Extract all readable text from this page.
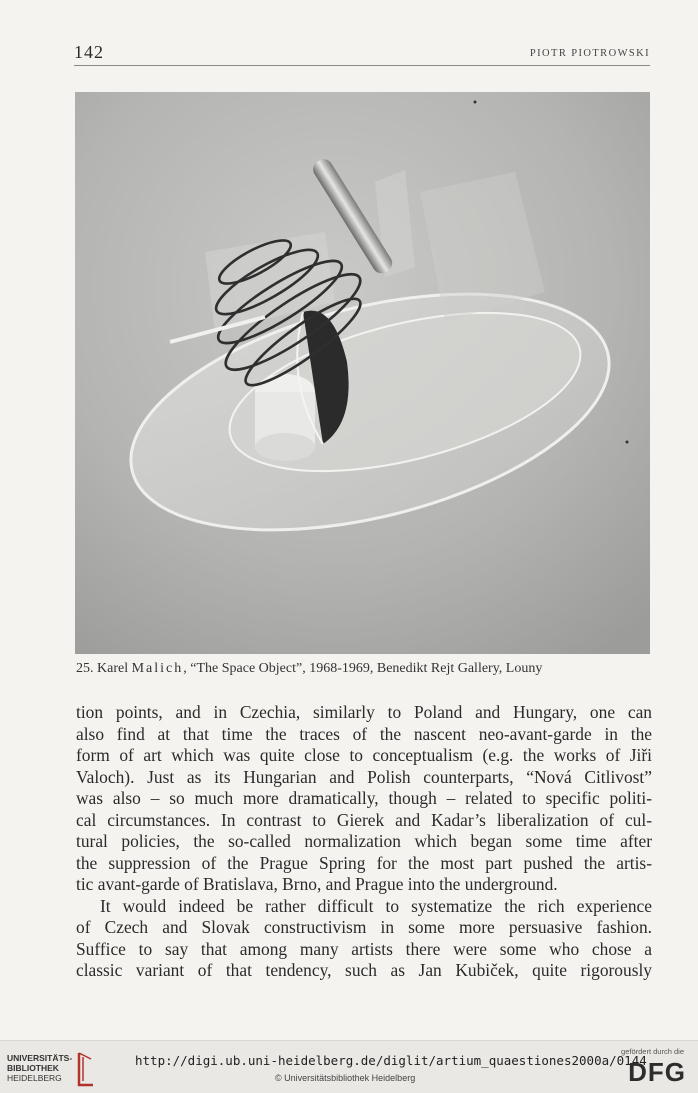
142	PIOTR PIOTROWSKI
25. Karel Malich, “The Space Object”, 1968-1969, Benedikt Rejt Gallery, Louny

tion points, and in Czechia, similarly to Poland and Hungary, one can
also find at that time the traces of the nascent neo-avant-garde in the
form of art which was quite close to conceptualism (e.g. the works of Jiři
Valoch). Just as its Hungarian and Polish counterparts, “Nová Citlivost”
was also – so much more dramatically, though – related to specific politi-
cal circumstances. In contrast to Gierek and Kadar’s liberalization of cul-
tural policies, the so-called normalization which began some time after
the suppression of the Prague Spring for the most part pushed the artis-
tic avant-garde of Bratislava, Brno, and Prague into the underground.

It would indeed be rather difficult to systematize the rich experience
of Czech and Slovak constructivism in some more persuasive fashion.
Suffice to say that among many artists there were some who chose a
classic variant of that tendency, such as Jan Kubiček, quite rigorously

UNIVERSITÄTS-
BIBLIOTHEK
HEIDELBERG
http://digi.ub.uni-heidelberg.de/diglit/artium_quaestiones2000a/0144
© Universitätsbibliothek Heidelberg
gefördert durch die
DFG
